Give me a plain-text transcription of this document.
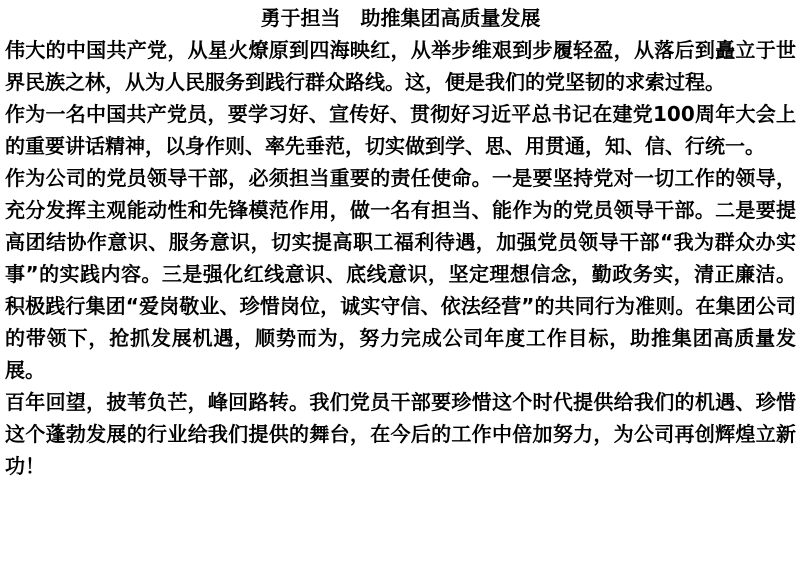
勇于担当　助推集团高质量发展

伟大的中国共产党，从星火燎原到四海映红，从举步维艰到步履轻盈，从落后到矗立于世界民族之林，从为人民服务到践行群众路线。这，便是我们的党坚韧的求索过程。

作为一名中国共产党员，要学习好、宣传好、贯彻好习近平总书记在建党100周年大会上的重要讲话精神，以身作则、率先垂范，切实做到学、思、用贯通，知、信、行统一。

作为公司的党员领导干部，必须担当重要的责任使命。一是要坚持党对一切工作的领导，充分发挥主观能动性和先锋模范作用，做一名有担当、能作为的党员领导干部。二是要提高团结协作意识、服务意识，切实提高职工福利待遇，加强党员领导干部“我为群众办实事”的实践内容。三是强化红线意识、底线意识，坚定理想信念，勤政务实，清正廉洁。积极践行集团“爱岗敬业、珍惜岗位，诚实守信、依法经营”的共同行为准则。在集团公司的带领下，抢抓发展机遇，顺势而为，努力完成公司年度工作目标，助推集团高质量发展。

百年回望，披苇负芒，峰回路转。我们党员干部要珍惜这个时代提供给我们的机遇、珍惜这个蓬勃发展的行业给我们提供的舞台，在今后的工作中倍加努力，为公司再创辉煌立新功！
